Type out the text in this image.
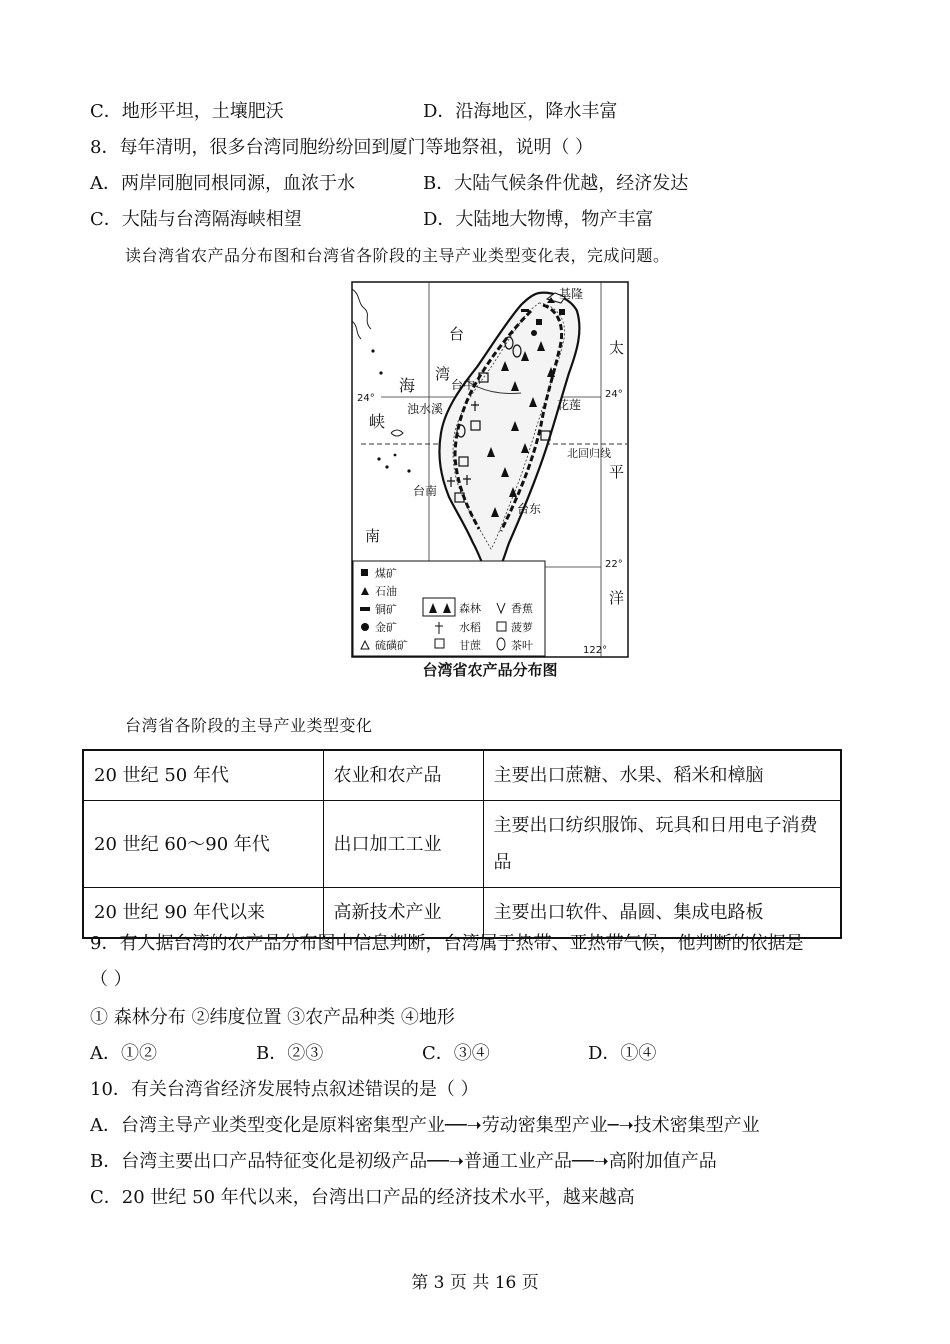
C．地形平坦，土壤肥沃	D．沿海地区，降水丰富
8．每年清明，很多台湾同胞纷纷回到厦门等地祭祖，说明（ ）
A．两岸同胞同根同源，血浓于水	B．大陆气候条件优越，经济发达
C．大陆与台湾隔海峡相望	D．大陆地大物博，物产丰富
读台湾省农产品分布图和台湾省各阶段的主导产业类型变化表，完成问题。
基隆
台
湾
海
峡
台中
浊水溪	花莲
北回归线
台南
台东
南
太
平
洋
24°	24°
22°
122°
煤矿
石油
铜矿
金矿
硫磺矿
森林
水稻
甘蔗
香蕉
菠萝
茶叶
台湾省农产品分布图
台湾省各阶段的主导产业类型变化
20 世纪 50 年代	农业和农产品	主要出口蔗糖、水果、稻米和樟脑
20 世纪 60～90 年代	出口加工工业	主要出口纺织服饰、玩具和日用电子消费品
20 世纪 90 年代以来	高新技术产业	主要出口软件、晶圆、集成电路板
9．有人据台湾的农产品分布图中信息判断，台湾属于热带、亚热带气候，他判断的依据是
（ ）
① 森林分布 ②纬度位置 ③农产品种类 ④地形
A．①②	B．②③	C．③④	D．①④
10．有关台湾省经济发展特点叙述错误的是（ ）
A．台湾主导产业类型变化是原料密集型产业──➝劳动密集型产业─➝技术密集型产业
B．台湾主要出口产品特征变化是初级产品──➝普通工业产品──➝高附加值产品
C．20 世纪 50 年代以来，台湾出口产品的经济技术水平，越来越高
第 3 页 共 16 页
